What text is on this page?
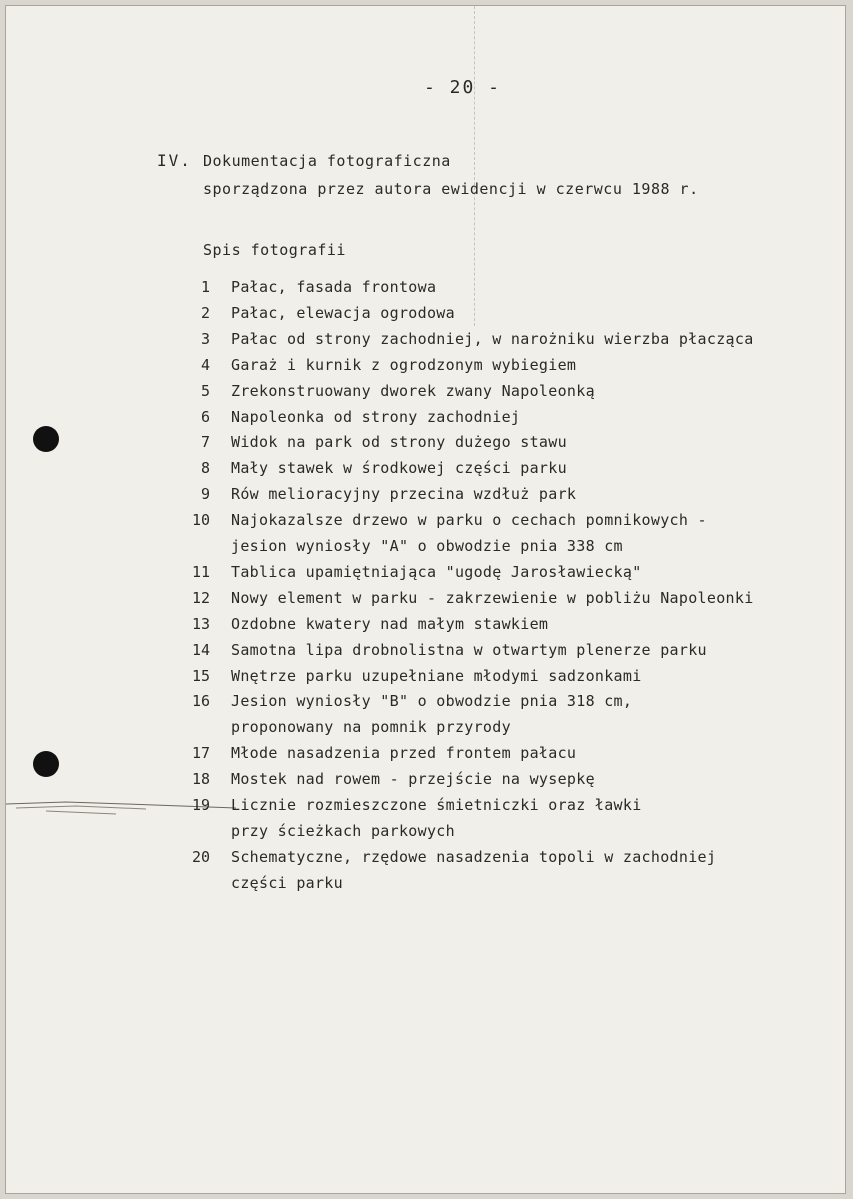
- 20 -
IV. Dokumentacja fotograficzna
sporządzona przez autora ewidencji w czerwcu 1988 r.
Spis fotografii
1 Pałac, fasada frontowa
2 Pałac, elewacja ogrodowa
3 Pałac od strony zachodniej, w narożniku wierzba płacząca
4 Garaż i kurnik z ogrodzonym wybiegiem
5 Zrekonstruowany dworek zwany Napoleonką
6 Napoleonka od strony zachodniej
7 Widok na park od strony dużego stawu
8 Mały stawek w środkowej części parku
9 Rów melioracyjny przecina wzdłuż park
10 Najokazalsze drzewo w parku o cechach pomnikowych -
jesion wyniosły "A" o obwodzie pnia 338 cm
11 Tablica upamiętniająca "ugodę Jarosławiecką"
12 Nowy element w parku - zakrzewienie w pobliżu Napoleonki
13 Ozdobne kwatery nad małym stawkiem
14 Samotna lipa drobnolistna w otwartym plenerze parku
15 Wnętrze parku uzupełniane młodymi sadzonkami
16 Jesion wyniosły "B" o obwodzie pnia 318 cm,
proponowany na pomnik przyrody
17 Młode nasadzenia przed frontem pałacu
18 Mostek nad rowem - przejście na wysepkę
19 Licznie rozmieszczone śmietniczki oraz ławki
przy ścieżkach parkowych
20 Schematyczne, rzędowe nasadzenia topoli w zachodniej
części parku
